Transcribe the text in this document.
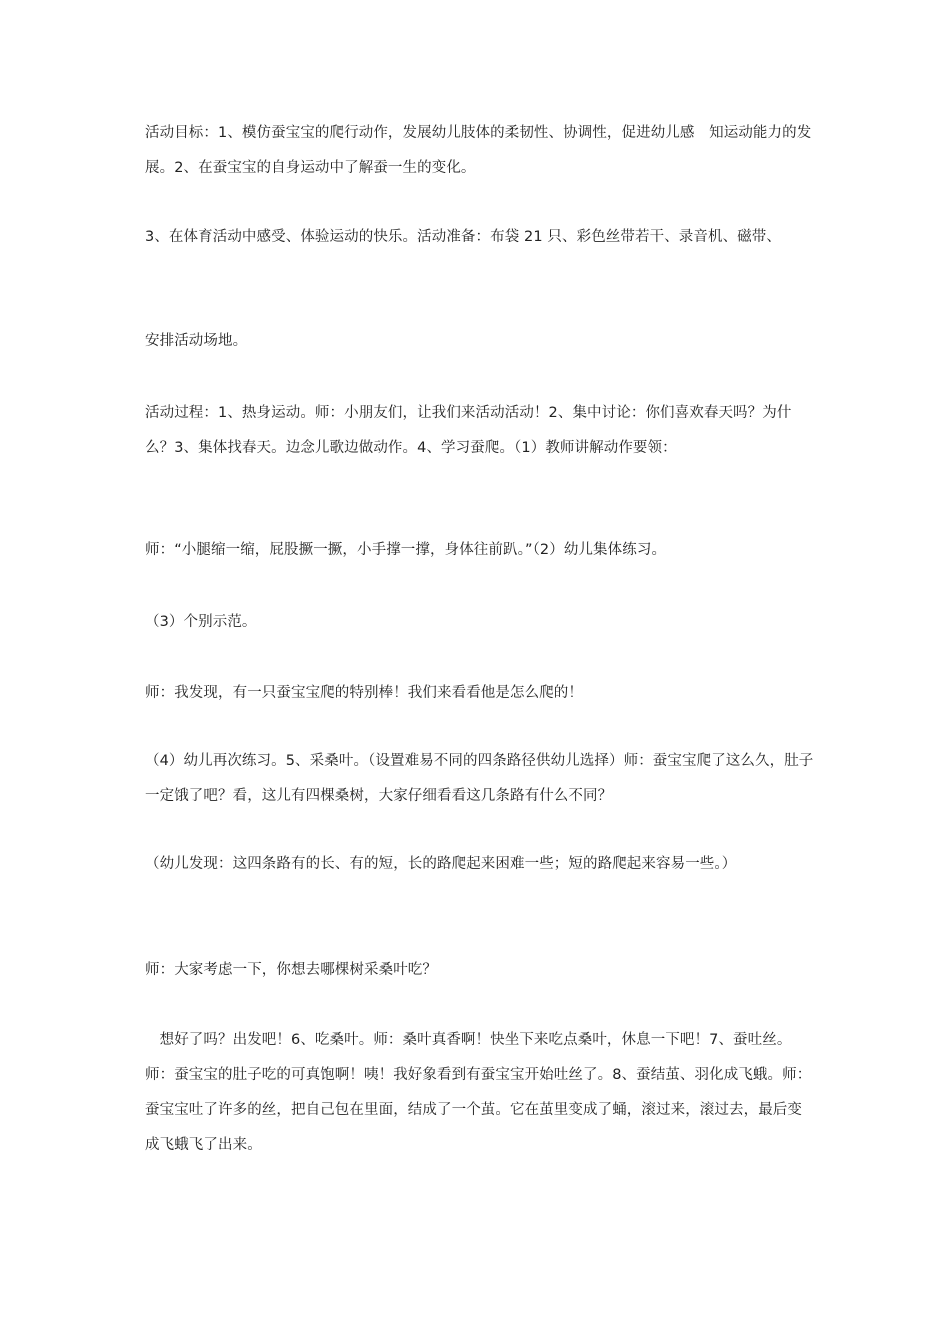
活动目标：1、模仿蚕宝宝的爬行动作，发展幼儿肢体的柔韧性、协调性，促进幼儿感　知运动能力的发展。2、在蚕宝宝的自身运动中了解蚕一生的变化。

3、在体育活动中感受、体验运动的快乐。活动准备：布袋 21 只、彩色丝带若干、录音机、磁带、

安排活动场地。

活动过程：1、热身运动。师：小朋友们，让我们来活动活动！2、集中讨论：你们喜欢春天吗？为什么？3、集体找春天。边念儿歌边做动作。4、学习蚕爬。（1）教师讲解动作要领：

师：“小腿缩一缩，屁股撅一撅，小手撑一撑，身体往前趴。”（2）幼儿集体练习。

（3）个别示范。

师：我发现，有一只蚕宝宝爬的特别棒！我们来看看他是怎么爬的！

（4）幼儿再次练习。5、采桑叶。（设置难易不同的四条路径供幼儿选择）师：蚕宝宝爬了这么久，肚子一定饿了吧？看，这儿有四棵桑树，大家仔细看看这几条路有什么不同？

（幼儿发现：这四条路有的长、有的短，长的路爬起来困难一些；短的路爬起来容易一些。）

师：大家考虑一下，你想去哪棵树采桑叶吃？

　想好了吗？出发吧！6、吃桑叶。师：桑叶真香啊！快坐下来吃点桑叶，休息一下吧！7、蚕吐丝。师：蚕宝宝的肚子吃的可真饱啊！咦！我好象看到有蚕宝宝开始吐丝了。8、蚕结茧、羽化成飞蛾。师：蚕宝宝吐了许多的丝，把自己包在里面，结成了一个茧。它在茧里变成了蛹，滚过来，滚过去，最后变成飞蛾飞了出来。
